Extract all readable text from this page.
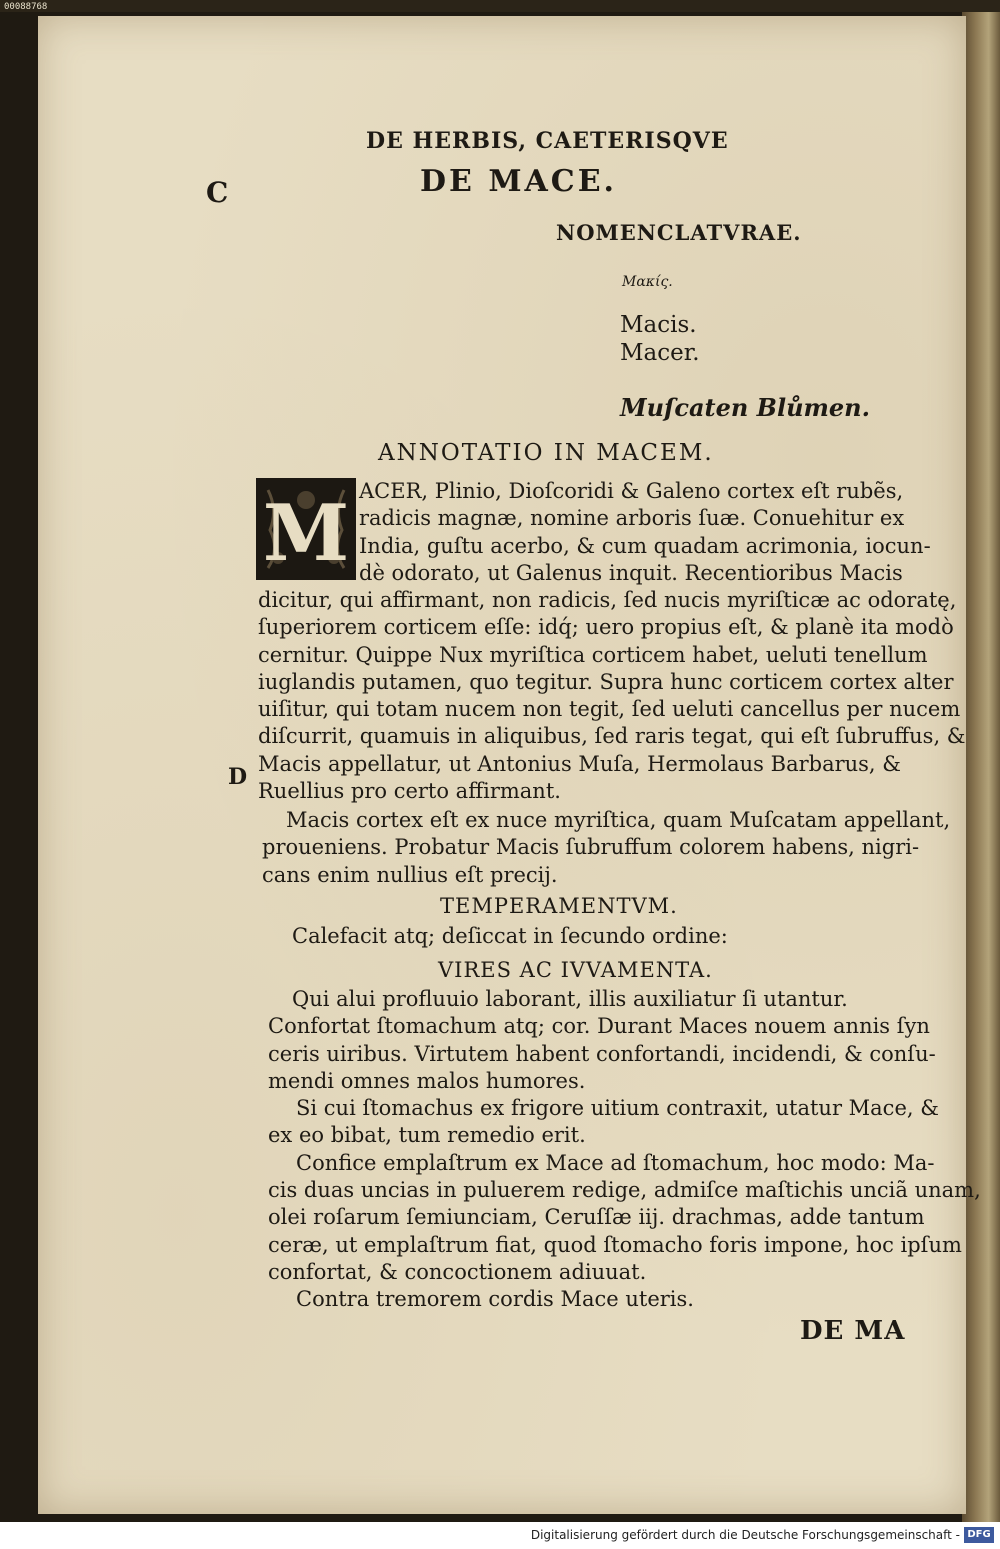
00088768
C
DE HERBIS, CAETERISQVE
DE MACE.
NOMENCLATVRAE.
Μακίς.
Macis.
Macer.
Muſcaten Blůmen.
ANNOTATIO IN MACEM.
M ACER, Plinio, Dioſcoridi & Galeno cortex eſt rubẽs,
radicis magnæ, nomine arboris ſuæ. Conuehitur ex
India, guſtu acerbo, & cum quadam acrimonia, iocun-
dè odorato, ut Galenus inquit. Recentioribus Macis
dicitur, qui affirmant, non radicis, ſed nucis myriſticæ ac odoratę,
ſuperiorem corticem eſſe: idq́; uero propius eſt, & planè ita modò
cernitur. Quippe Nux myriſtica corticem habet, ueluti tenellum
iuglandis putamen, quo tegitur. Supra hunc corticem cortex alter
uiſitur, qui totam nucem non tegit, ſed ueluti cancellus per nucem
diſcurrit, quamuis in aliquibus, ſed raris tegat, qui eſt ſubruffus, &
Macis appellatur, ut Antonius Muſa, Hermolaus Barbarus, &
Ruellius pro certo affirmant.
D
Macis cortex eſt ex nuce myriſtica, quam Muſcatam appellant,
proueniens. Probatur Macis ſubruffum colorem habens, nigri-
cans enim nullius eſt precij.
TEMPERAMENTVM.
Calefacit atq; deſiccat in ſecundo ordine:
VIRES AC IVVAMENTA.
Qui alui profluuio laborant, illis auxiliatur ſi utantur.
Confortat ſtomachum atq; cor. Durant Maces nouem annis ſyn
ceris uiribus. Virtutem habent confortandi, incidendi, & conſu-
mendi omnes malos humores.
Si cui ſtomachus ex frigore uitium contraxit, utatur Mace, &
ex eo bibat, tum remedio erit.
Confice emplaſtrum ex Mace ad ſtomachum, hoc modo: Ma-
cis duas uncias in puluerem redige, admiſce maſtichis unciã unam,
olei roſarum ſemiunciam, Ceruſſæ iij. drachmas, adde tantum
ceræ, ut emplaſtrum fiat, quod ſtomacho foris impone, hoc ipſum
confortat, & concoctionem adiuuat.
Contra tremorem cordis Mace uteris.
DE MA
Digitalisierung gefördert durch die Deutsche Forschungsgemeinschaft - DFG
